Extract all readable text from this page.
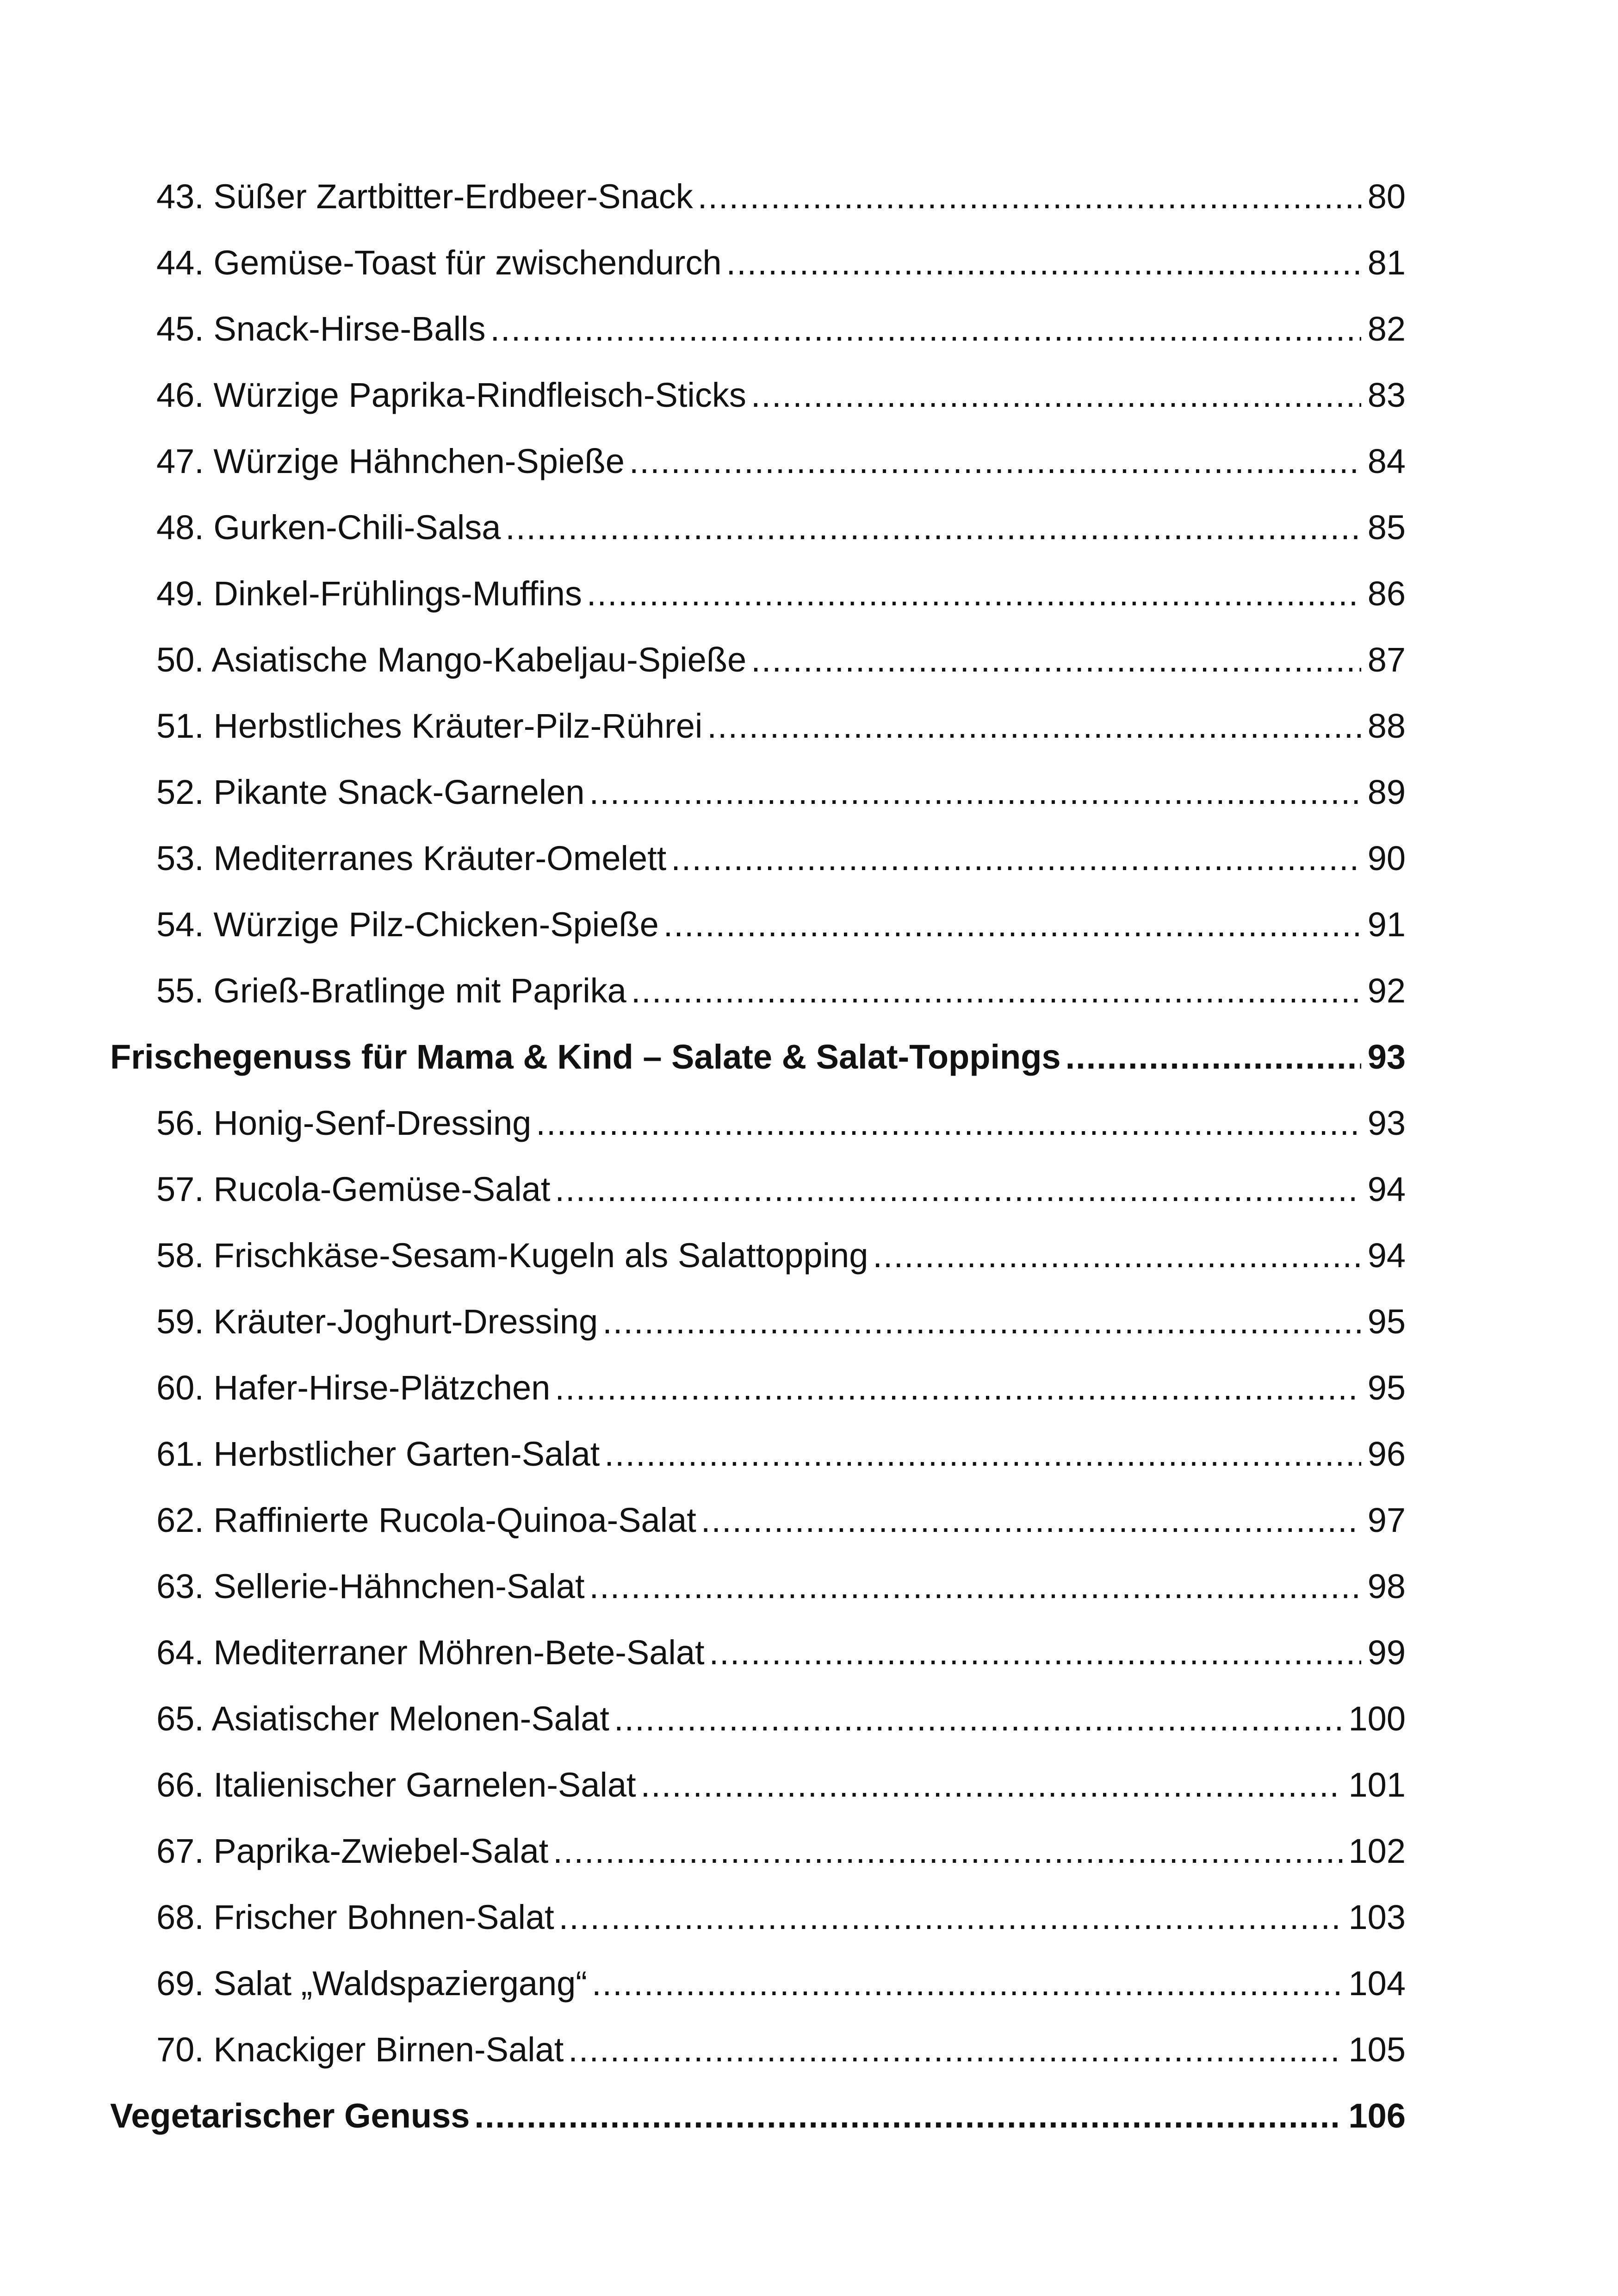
43. Süßer Zartbitter-Erdbeer-Snack .....	80
44. Gemüse-Toast für zwischendurch .....	81
45. Snack-Hirse-Balls .....	82
46. Würzige Paprika-Rindfleisch-Sticks .....	83
47. Würzige Hähnchen-Spieße .....	84
48. Gurken-Chili-Salsa .....	85
49. Dinkel-Frühlings-Muffins .....	86
50. Asiatische Mango-Kabeljau-Spieße .....	87
51. Herbstliches Kräuter-Pilz-Rührei .....	88
52. Pikante Snack-Garnelen .....	89
53. Mediterranes Kräuter-Omelett .....	90
54. Würzige Pilz-Chicken-Spieße .....	91
55. Grieß-Bratlinge mit Paprika .....	92
Frischegenuss für Mama & Kind – Salate & Salat-Toppings .....	93
56. Honig-Senf-Dressing .....	93
57. Rucola-Gemüse-Salat .....	94
58. Frischkäse-Sesam-Kugeln als Salattopping .....	94
59. Kräuter-Joghurt-Dressing .....	95
60. Hafer-Hirse-Plätzchen .....	95
61. Herbstlicher Garten-Salat .....	96
62. Raffinierte Rucola-Quinoa-Salat .....	97
63. Sellerie-Hähnchen-Salat .....	98
64. Mediterraner Möhren-Bete-Salat .....	99
65. Asiatischer Melonen-Salat .....	100
66. Italienischer Garnelen-Salat .....	101
67. Paprika-Zwiebel-Salat .....	102
68. Frischer Bohnen-Salat .....	103
69. Salat „Waldspaziergang“ .....	104
70. Knackiger Birnen-Salat .....	105
Vegetarischer Genuss .....	106
